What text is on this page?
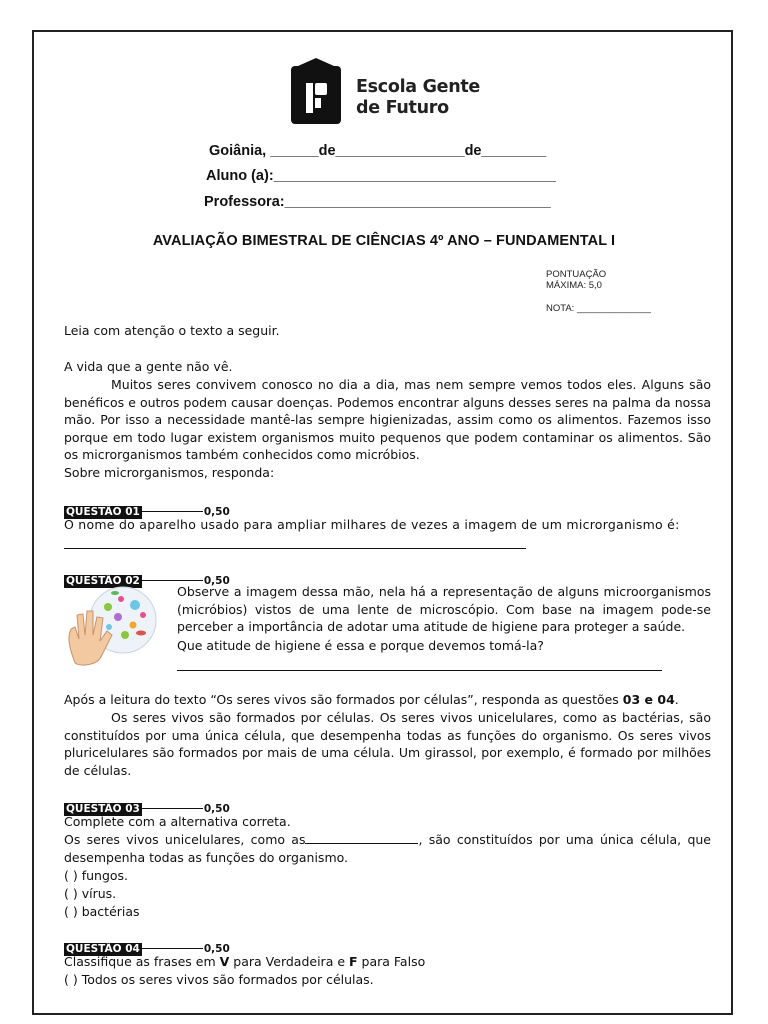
Escola Gente
de Futuro
Goiânia, ______de________________de________
Aluno (a):___________________________________
Professora:_________________________________
AVALIAÇÃO BIMESTRAL DE CIÊNCIAS 4º ANO – FUNDAMENTAL I
PONTUAÇÃO
MÁXIMA: 5,0
NOTA: ______________
Leia com atenção o texto a seguir.
A vida que a gente não vê.
Muitos seres convivem conosco no dia a dia, mas nem sempre vemos todos eles. Alguns são benéficos e outros podem causar doenças. Podemos encontrar alguns desses seres na palma da nossa mão. Por isso a necessidade mantê-las sempre higienizadas, assim como os alimentos. Fazemos isso porque em todo lugar existem organismos muito pequenos que podem contaminar os alimentos. São os microrganismos também conhecidos como micróbios.
Sobre microrganismos, responda:
QUESTÃO 01	0,50
O nome do aparelho usado para ampliar milhares de vezes a imagem de um microrganismo é:
QUESTÃO 02	0,50
Observe a imagem dessa mão, nela há a representação de alguns microorganismos (micróbios) vistos de uma lente de microscópio. Com base na imagem pode-se perceber a importância de adotar uma atitude de higiene para proteger a saúde.
Que atitude de higiene é essa e porque devemos tomá-la?
Após a leitura do texto “Os seres vivos são formados por células”, responda as questões 03 e 04.
Os seres vivos são formados por células. Os seres vivos unicelulares, como as bactérias, são constituídos por uma única célula, que desempenha todas as funções do organismo. Os seres vivos pluricelulares são formados por mais de uma célula. Um girassol, por exemplo, é formado por milhões de células.
QUESTÃO 03	0,50
Complete com a alternativa correta.
Os seres vivos unicelulares, como as	, são constituídos por uma única célula, que desempenha todas as funções do organismo.
( ) fungos.
( ) vírus.
( ) bactérias
QUESTÃO 04	0,50
Classifique as frases em V para Verdadeira e F para Falso
( ) Todos os seres vivos são formados por células.
